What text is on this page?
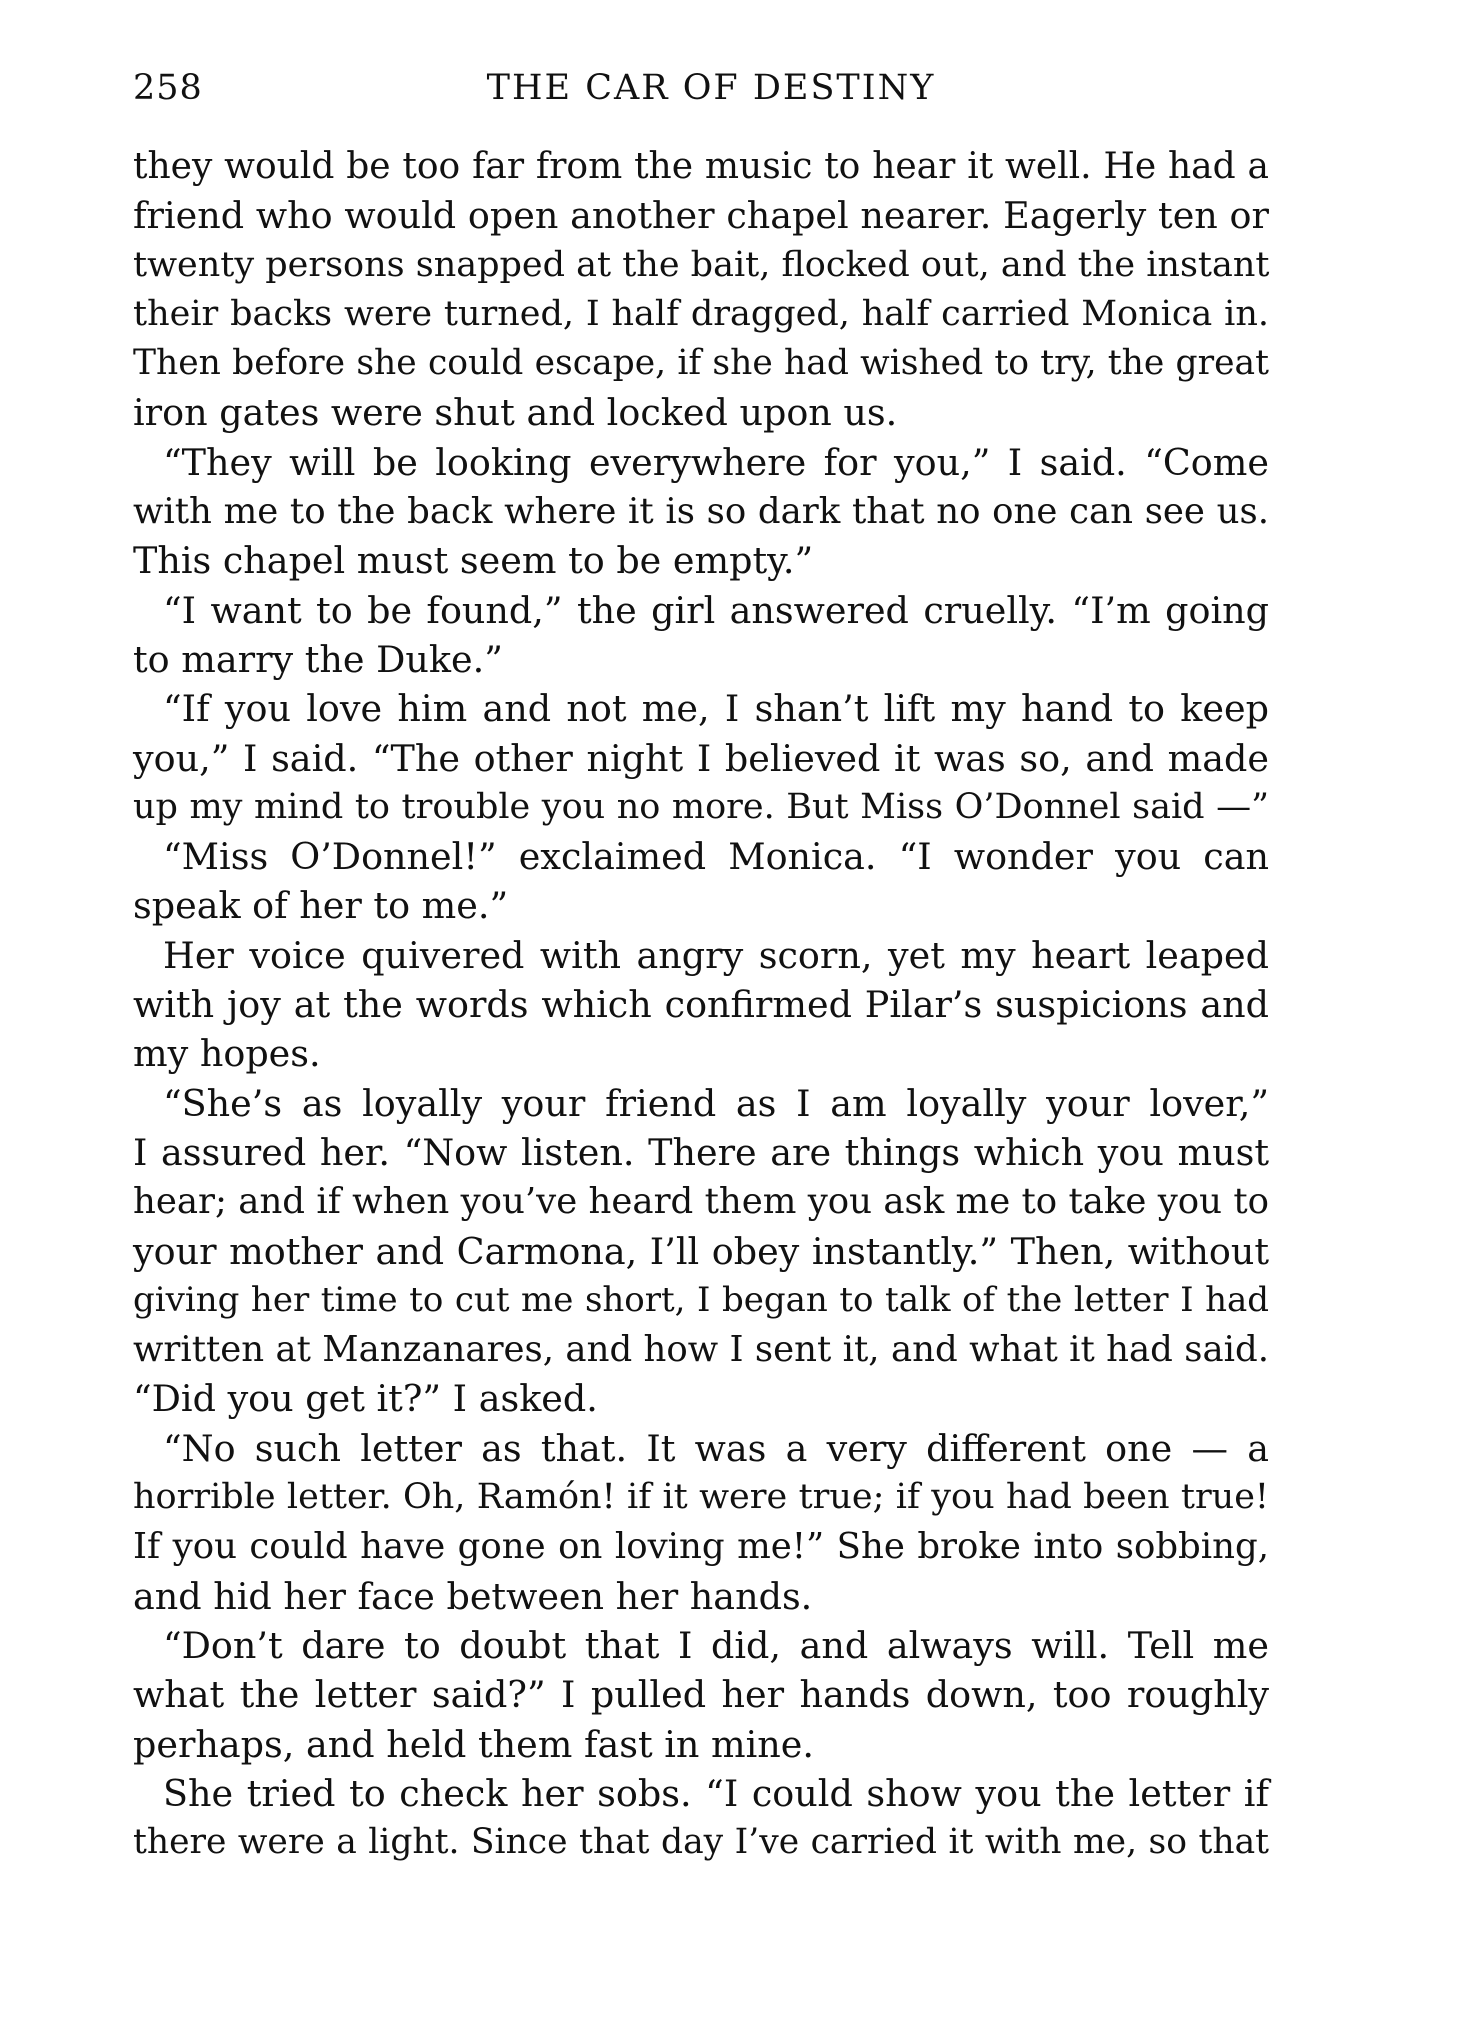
258	THE CAR OF DESTINY
they would be too far from the music to hear it well. He had a
friend who would open another chapel nearer. Eagerly ten or
twenty persons snapped at the bait, flocked out, and the instant
their backs were turned, I half dragged, half carried Monica in.
Then before she could escape, if she had wished to try, the great
iron gates were shut and locked upon us.
“They will be looking everywhere for you,” I said. “Come
with me to the back where it is so dark that no one can see us.
This chapel must seem to be empty.”
“I want to be found,” the girl answered cruelly. “I’m going
to marry the Duke.”
“If you love him and not me, I shan’t lift my hand to keep
you,” I said. “The other night I believed it was so, and made
up my mind to trouble you no more. But Miss O’Donnel said —”
“Miss O’Donnel!” exclaimed Monica. “I wonder you can
speak of her to me.”
Her voice quivered with angry scorn, yet my heart leaped
with joy at the words which confirmed Pilar’s suspicions and
my hopes.
“She’s as loyally your friend as I am loyally your lover,”
I assured her. “Now listen. There are things which you must
hear; and if when you’ve heard them you ask me to take you to
your mother and Carmona, I’ll obey instantly.” Then, without
giving her time to cut me short, I began to talk of the letter I had
written at Manzanares, and how I sent it, and what it had said.
“Did you get it?” I asked.
“No such letter as that. It was a very different one — a
horrible letter. Oh, Ramón! if it were true; if you had been true!
If you could have gone on loving me!” She broke into sobbing,
and hid her face between her hands.
“Don’t dare to doubt that I did, and always will. Tell me
what the letter said?” I pulled her hands down, too roughly
perhaps, and held them fast in mine.
She tried to check her sobs. “I could show you the letter if
there were a light. Since that day I’ve carried it with me, so that
